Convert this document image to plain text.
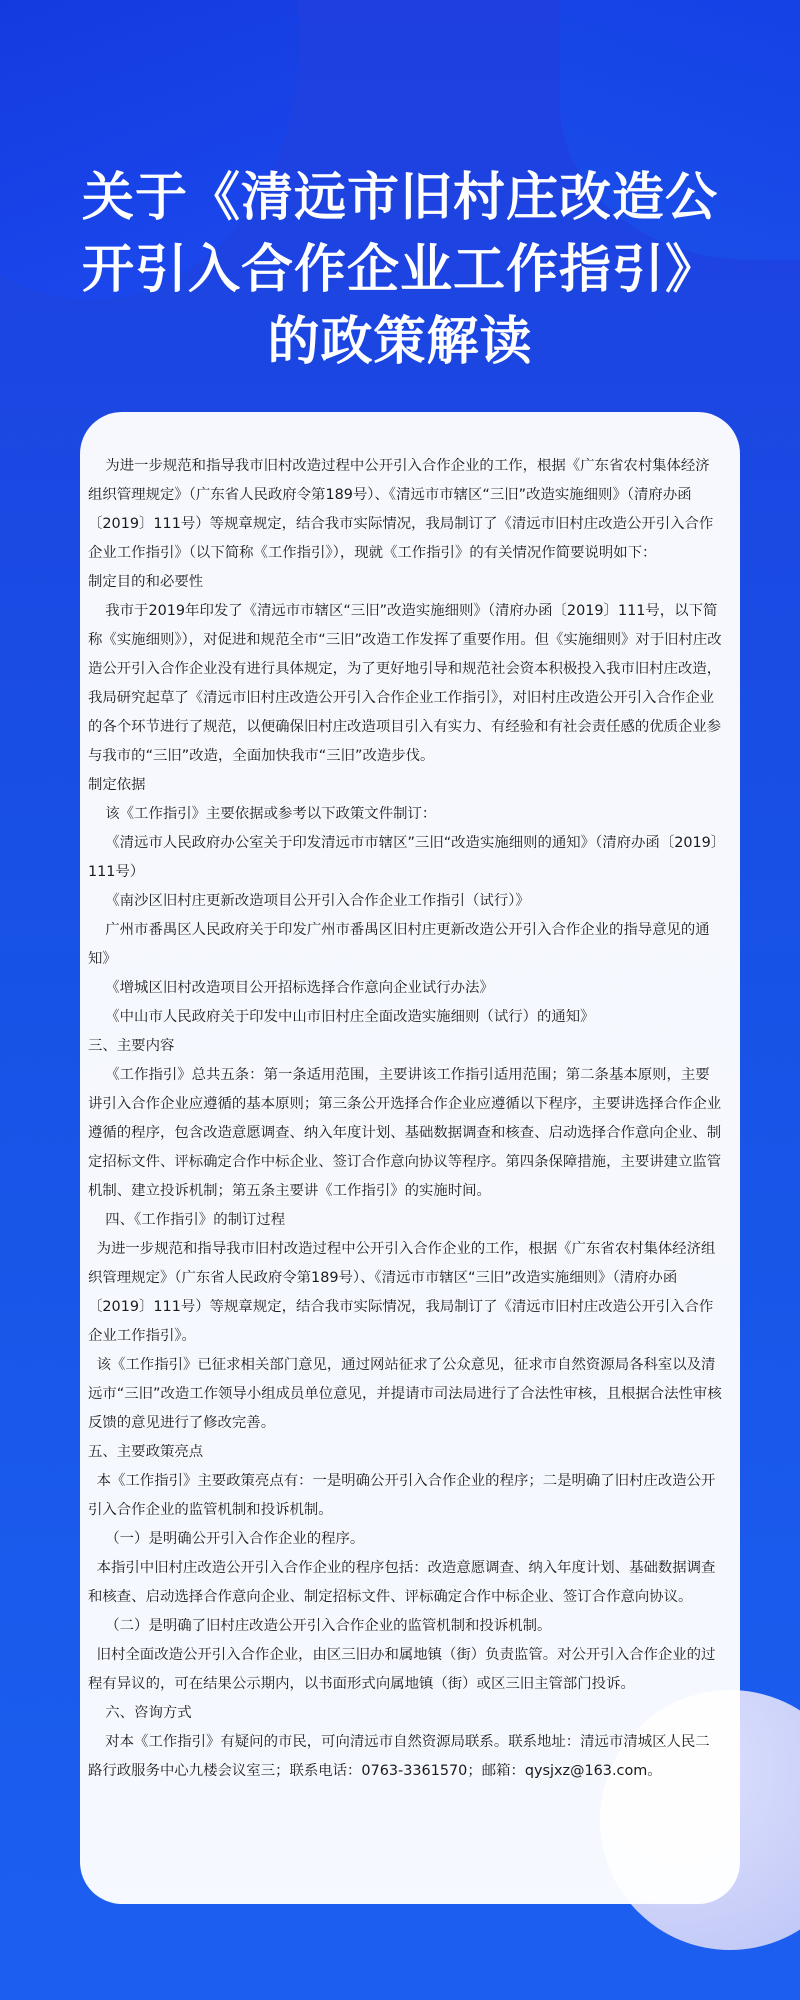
关于《清远市旧村庄改造公
开引入合作企业工作指引》
的政策解读

为进一步规范和指导我市旧村改造过程中公开引入合作企业的工作，根据《广东省农村集体经济组织管理规定》（广东省人民政府令第189号）、《清远市市辖区“三旧”改造实施细则》（清府办函〔2019〕111号）等规章规定，结合我市实际情况，我局制订了《清远市旧村庄改造公开引入合作企业工作指引》（以下简称《工作指引》），现就《工作指引》的有关情况作简要说明如下：

制定目的和必要性

我市于2019年印发了《清远市市辖区“三旧”改造实施细则》（清府办函〔2019〕111号，以下简称《实施细则》），对促进和规范全市“三旧”改造工作发挥了重要作用。但《实施细则》对于旧村庄改造公开引入合作企业没有进行具体规定，为了更好地引导和规范社会资本积极投入我市旧村庄改造，我局研究起草了《清远市旧村庄改造公开引入合作企业工作指引》，对旧村庄改造公开引入合作企业的各个环节进行了规范，以便确保旧村庄改造项目引入有实力、有经验和有社会责任感的优质企业参与我市的“三旧”改造，全面加快我市“三旧”改造步伐。

制定依据

该《工作指引》主要依据或参考以下政策文件制订：

《清远市人民政府办公室关于印发清远市市辖区”三旧“改造实施细则的通知》（清府办函〔2019〕111号）

《南沙区旧村庄更新改造项目公开引入合作企业工作指引（试行）》

广州市番禺区人民政府关于印发广州市番禺区旧村庄更新改造公开引入合作企业的指导意见的通知》

《增城区旧村改造项目公开招标选择合作意向企业试行办法》

《中山市人民政府关于印发中山市旧村庄全面改造实施细则（试行）的通知》

三、主要内容

《工作指引》总共五条：第一条适用范围，主要讲该工作指引适用范围；第二条基本原则，主要讲引入合作企业应遵循的基本原则；第三条公开选择合作企业应遵循以下程序，主要讲选择合作企业遵循的程序，包含改造意愿调查、纳入年度计划、基础数据调查和核查、启动选择合作意向企业、制定招标文件、评标确定合作中标企业、签订合作意向协议等程序。第四条保障措施，主要讲建立监管机制、建立投诉机制；第五条主要讲《工作指引》的实施时间。

四、《工作指引》的制订过程

为进一步规范和指导我市旧村改造过程中公开引入合作企业的工作，根据《广东省农村集体经济组织管理规定》（广东省人民政府令第189号）、《清远市市辖区“三旧”改造实施细则》（清府办函〔2019〕111号）等规章规定，结合我市实际情况，我局制订了《清远市旧村庄改造公开引入合作企业工作指引》。

该《工作指引》已征求相关部门意见，通过网站征求了公众意见，征求市自然资源局各科室以及清远市“三旧”改造工作领导小组成员单位意见，并提请市司法局进行了合法性审核，且根据合法性审核反馈的意见进行了修改完善。

五、主要政策亮点

本《工作指引》主要政策亮点有：一是明确公开引入合作企业的程序；二是明确了旧村庄改造公开引入合作企业的监管机制和投诉机制。

（一）是明确公开引入合作企业的程序。

本指引中旧村庄改造公开引入合作企业的程序包括：改造意愿调查、纳入年度计划、基础数据调查和核查、启动选择合作意向企业、制定招标文件、评标确定合作中标企业、签订合作意向协议。

（二）是明确了旧村庄改造公开引入合作企业的监管机制和投诉机制。

旧村全面改造公开引入合作企业，由区三旧办和属地镇（街）负责监管。对公开引入合作企业的过程有异议的，可在结果公示期内，以书面形式向属地镇（街）或区三旧主管部门投诉。

六、咨询方式

对本《工作指引》有疑问的市民，可向清远市自然资源局联系。联系地址：清远市清城区人民二路行政服务中心九楼会议室三；联系电话：0763-3361570；邮箱：qysjxz@163.com。
